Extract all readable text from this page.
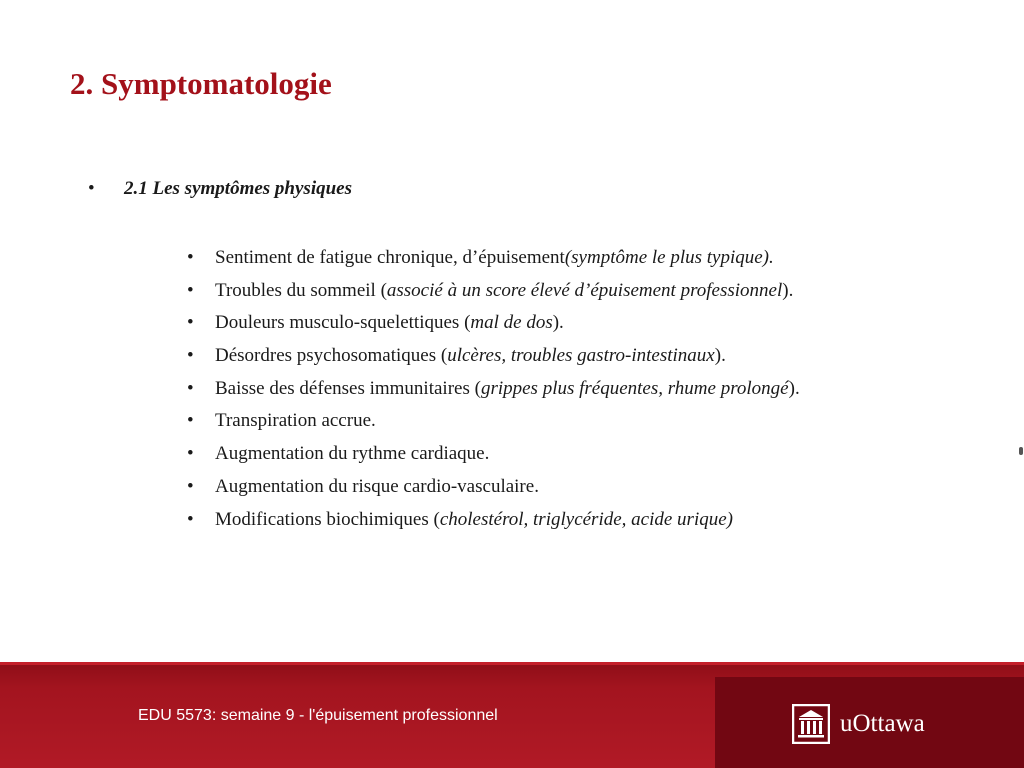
2. Symptomatologie
•	2.1 Les symptômes physiques
•	Sentiment de fatigue chronique, d’épuisement (symptôme le plus typique).
•	Troubles du sommeil ( associé à un score élevé d’épuisement professionnel ).
•	Douleurs musculo-squelettiques ( mal de dos ).
•	Désordres psychosomatiques ( ulcères, troubles gastro-intestinaux ).
•	Baisse des défenses immunitaires ( grippes plus fréquentes, rhume prolongé ).
•	Transpiration accrue.
•	Augmentation du rythme cardiaque.
•	Augmentation du risque cardio-vasculaire.
•	Modifications biochimiques ( cholestérol, triglycéride, acide urique)
EDU 5573: semaine 9 - l'épuisement professionnel	uOttawa
